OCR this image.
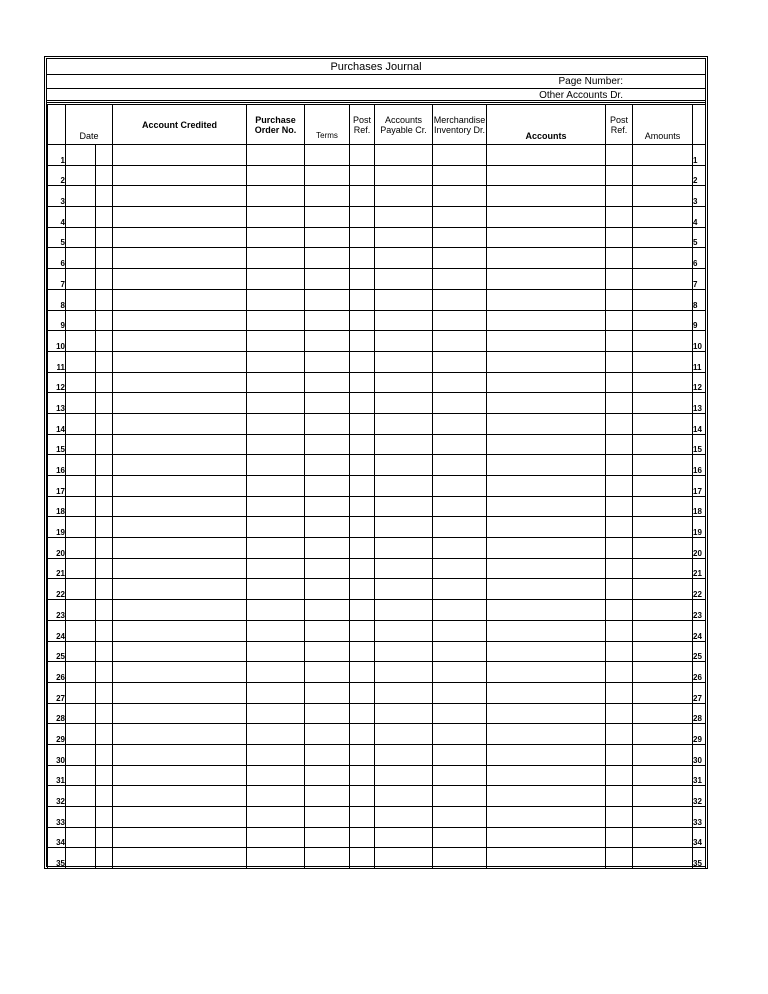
Purchases Journal
Page Number:
Other Accounts Dr.
	Date		Account Credited	Purchase Order No.	Terms	Post Ref.	Accounts Payable Cr.	Merchandise Inventory Dr.	Accounts	Post Ref.	Amounts	
1												1
2												2
3												3
4												4
5												5
6												6
7												7
8												8
9												9
10												10
11												11
12												12
13												13
14												14
15												15
16												16
17												17
18												18
19												19
20												20
21												21
22												22
23												23
24												24
25												25
26												26
27												27
28												28
29												29
30												30
31												31
32												32
33												33
34												34
35												35
